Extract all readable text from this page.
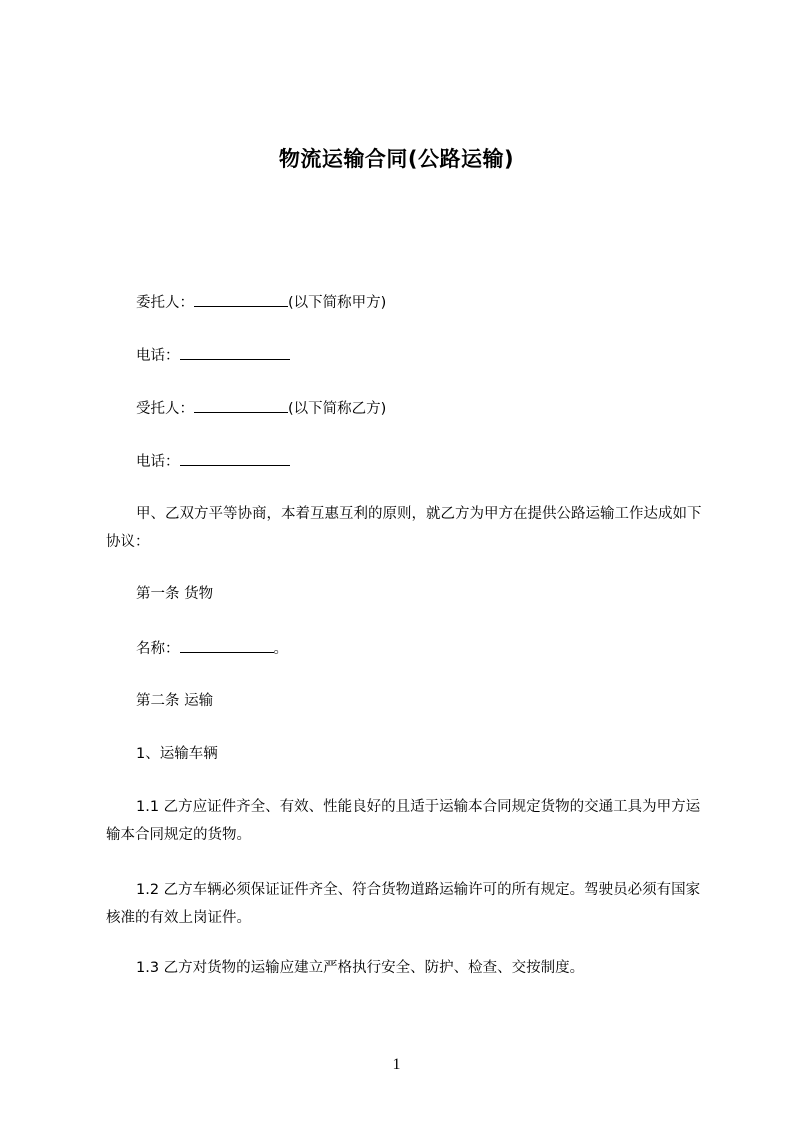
物流运输合同(公路运输)
委托人：	(以下简称甲方)
电话：
受托人：	(以下简称乙方)
电话：
甲、乙双方平等协商，本着互惠互利的原则，就乙方为甲方在提供公路运输工作达成如下协议：
第一条 货物
名称：	。
第二条 运输
1、运输车辆
1.1 乙方应证件齐全、有效、性能良好的且适于运输本合同规定货物的交通工具为甲方运输本合同规定的货物。
1.2 乙方车辆必须保证证件齐全、符合货物道路运输许可的所有规定。驾驶员必须有国家核准的有效上岗证件。
1.3 乙方对货物的运输应建立严格执行安全、防护、检查、交按制度。
1
